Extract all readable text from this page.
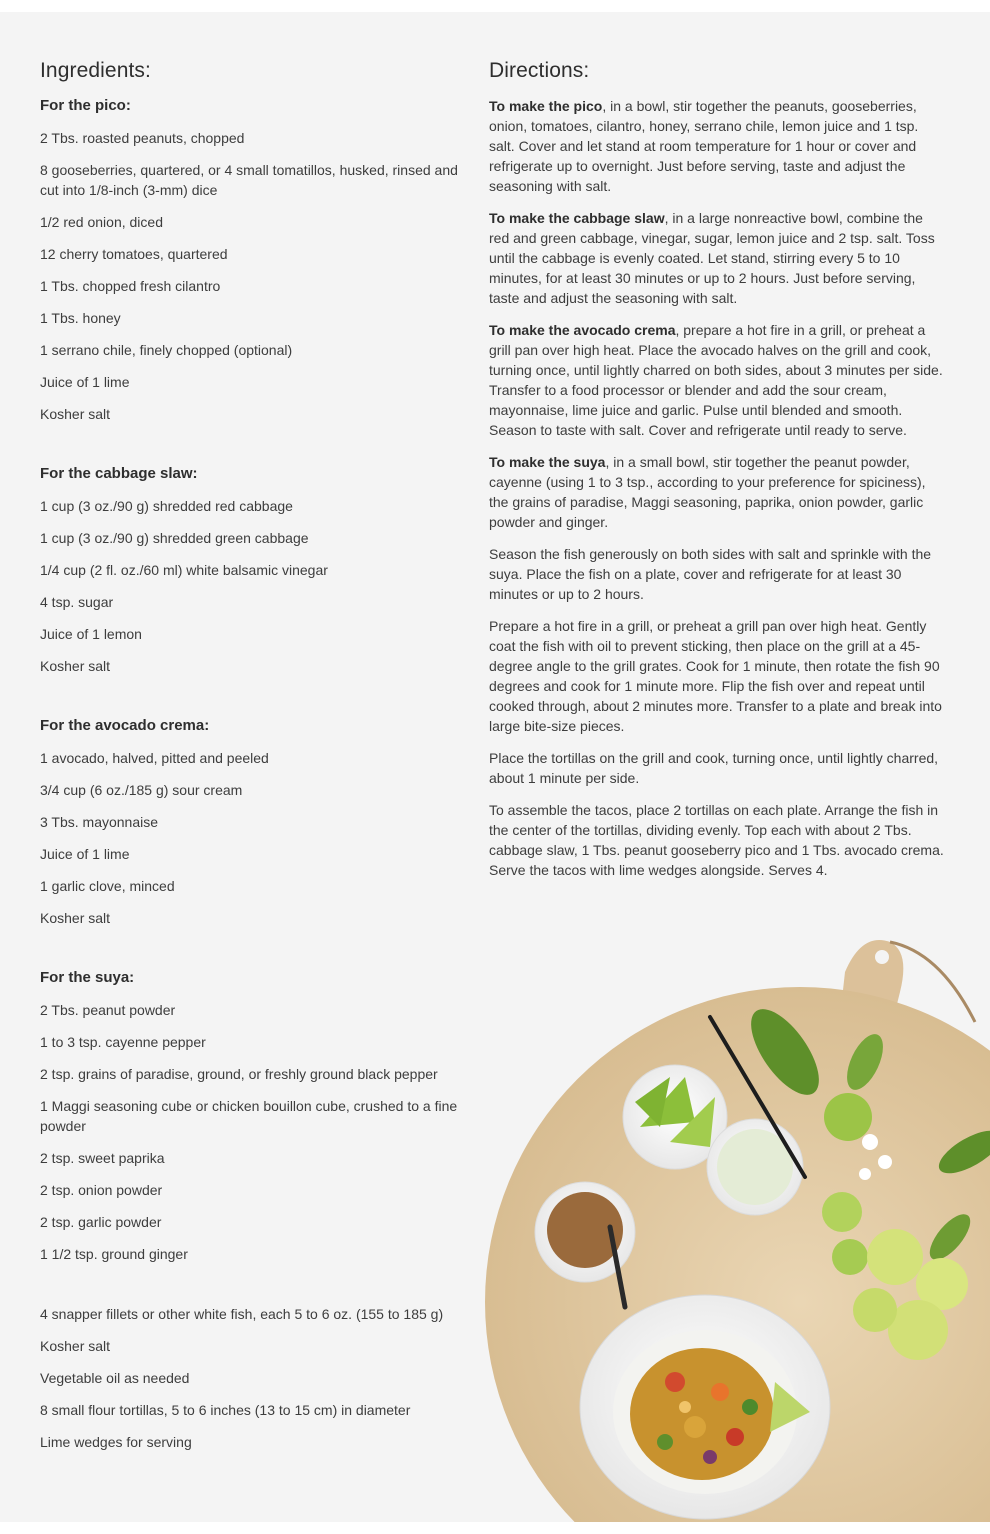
Ingredients:
For the pico:
2 Tbs. roasted peanuts, chopped
8 gooseberries, quartered, or 4 small tomatillos, husked, rinsed and cut into 1/8-inch (3-mm) dice
1/2 red onion, diced
12 cherry tomatoes, quartered
1 Tbs. chopped fresh cilantro
1 Tbs. honey
1 serrano chile, finely chopped (optional)
Juice of 1 lime
Kosher salt
For the cabbage slaw:
1 cup (3 oz./90 g) shredded red cabbage
1 cup (3 oz./90 g) shredded green cabbage
1/4 cup (2 fl. oz./60 ml) white balsamic vinegar
4 tsp. sugar
Juice of 1 lemon
Kosher salt
For the avocado crema:
1 avocado, halved, pitted and peeled
3/4 cup (6 oz./185 g) sour cream
3 Tbs. mayonnaise
Juice of 1 lime
1 garlic clove, minced
Kosher salt
For the suya:
2 Tbs. peanut powder
1 to 3 tsp. cayenne pepper
2 tsp. grains of paradise, ground, or freshly ground black pepper
1 Maggi seasoning cube or chicken bouillon cube, crushed to a fine powder
2 tsp. sweet paprika
2 tsp. onion powder
2 tsp. garlic powder
1 1/2 tsp. ground ginger
4 snapper fillets or other white fish, each 5 to 6 oz. (155 to 185 g)
Kosher salt
Vegetable oil as needed
8 small flour tortillas, 5 to 6 inches (13 to 15 cm) in diameter
Lime wedges for serving
Directions:

To make the pico, in a bowl, stir together the peanuts, gooseberries, onion, tomatoes, cilantro, honey, serrano chile, lemon juice and 1 tsp. salt. Cover and let stand at room temperature for 1 hour or cover and refrigerate up to overnight. Just before serving, taste and adjust the seasoning with salt.

To make the cabbage slaw, in a large nonreactive bowl, combine the red and green cabbage, vinegar, sugar, lemon juice and 2 tsp. salt. Toss until the cabbage is evenly coated. Let stand, stirring every 5 to 10 minutes, for at least 30 minutes or up to 2 hours. Just before serving, taste and adjust the seasoning with salt.

To make the avocado crema, prepare a hot fire in a grill, or preheat a grill pan over high heat. Place the avocado halves on the grill and cook, turning once, until lightly charred on both sides, about 3 minutes per side. Transfer to a food processor or blender and add the sour cream, mayonnaise, lime juice and garlic. Pulse until blended and smooth. Season to taste with salt. Cover and refrigerate until ready to serve.

To make the suya, in a small bowl, stir together the peanut powder, cayenne (using 1 to 3 tsp., according to your preference for spiciness), the grains of paradise, Maggi seasoning, paprika, onion powder, garlic powder and ginger.

Season the fish generously on both sides with salt and sprinkle with the suya. Place the fish on a plate, cover and refrigerate for at least 30 minutes or up to 2 hours.

Prepare a hot fire in a grill, or preheat a grill pan over high heat. Gently coat the fish with oil to prevent sticking, then place on the grill at a 45-degree angle to the grill grates. Cook for 1 minute, then rotate the fish 90 degrees and cook for 1 minute more. Flip the fish over and repeat until cooked through, about 2 minutes more. Transfer to a plate and break into large bite-size pieces.

Place the tortillas on the grill and cook, turning once, until lightly charred, about 1 minute per side.

To assemble the tacos, place 2 tortillas on each plate. Arrange the fish in the center of the tortillas, dividing evenly. Top each with about 2 Tbs. cabbage slaw, 1 Tbs. peanut gooseberry pico and 1 Tbs. avocado crema. Serve the tacos with lime wedges alongside. Serves 4.
